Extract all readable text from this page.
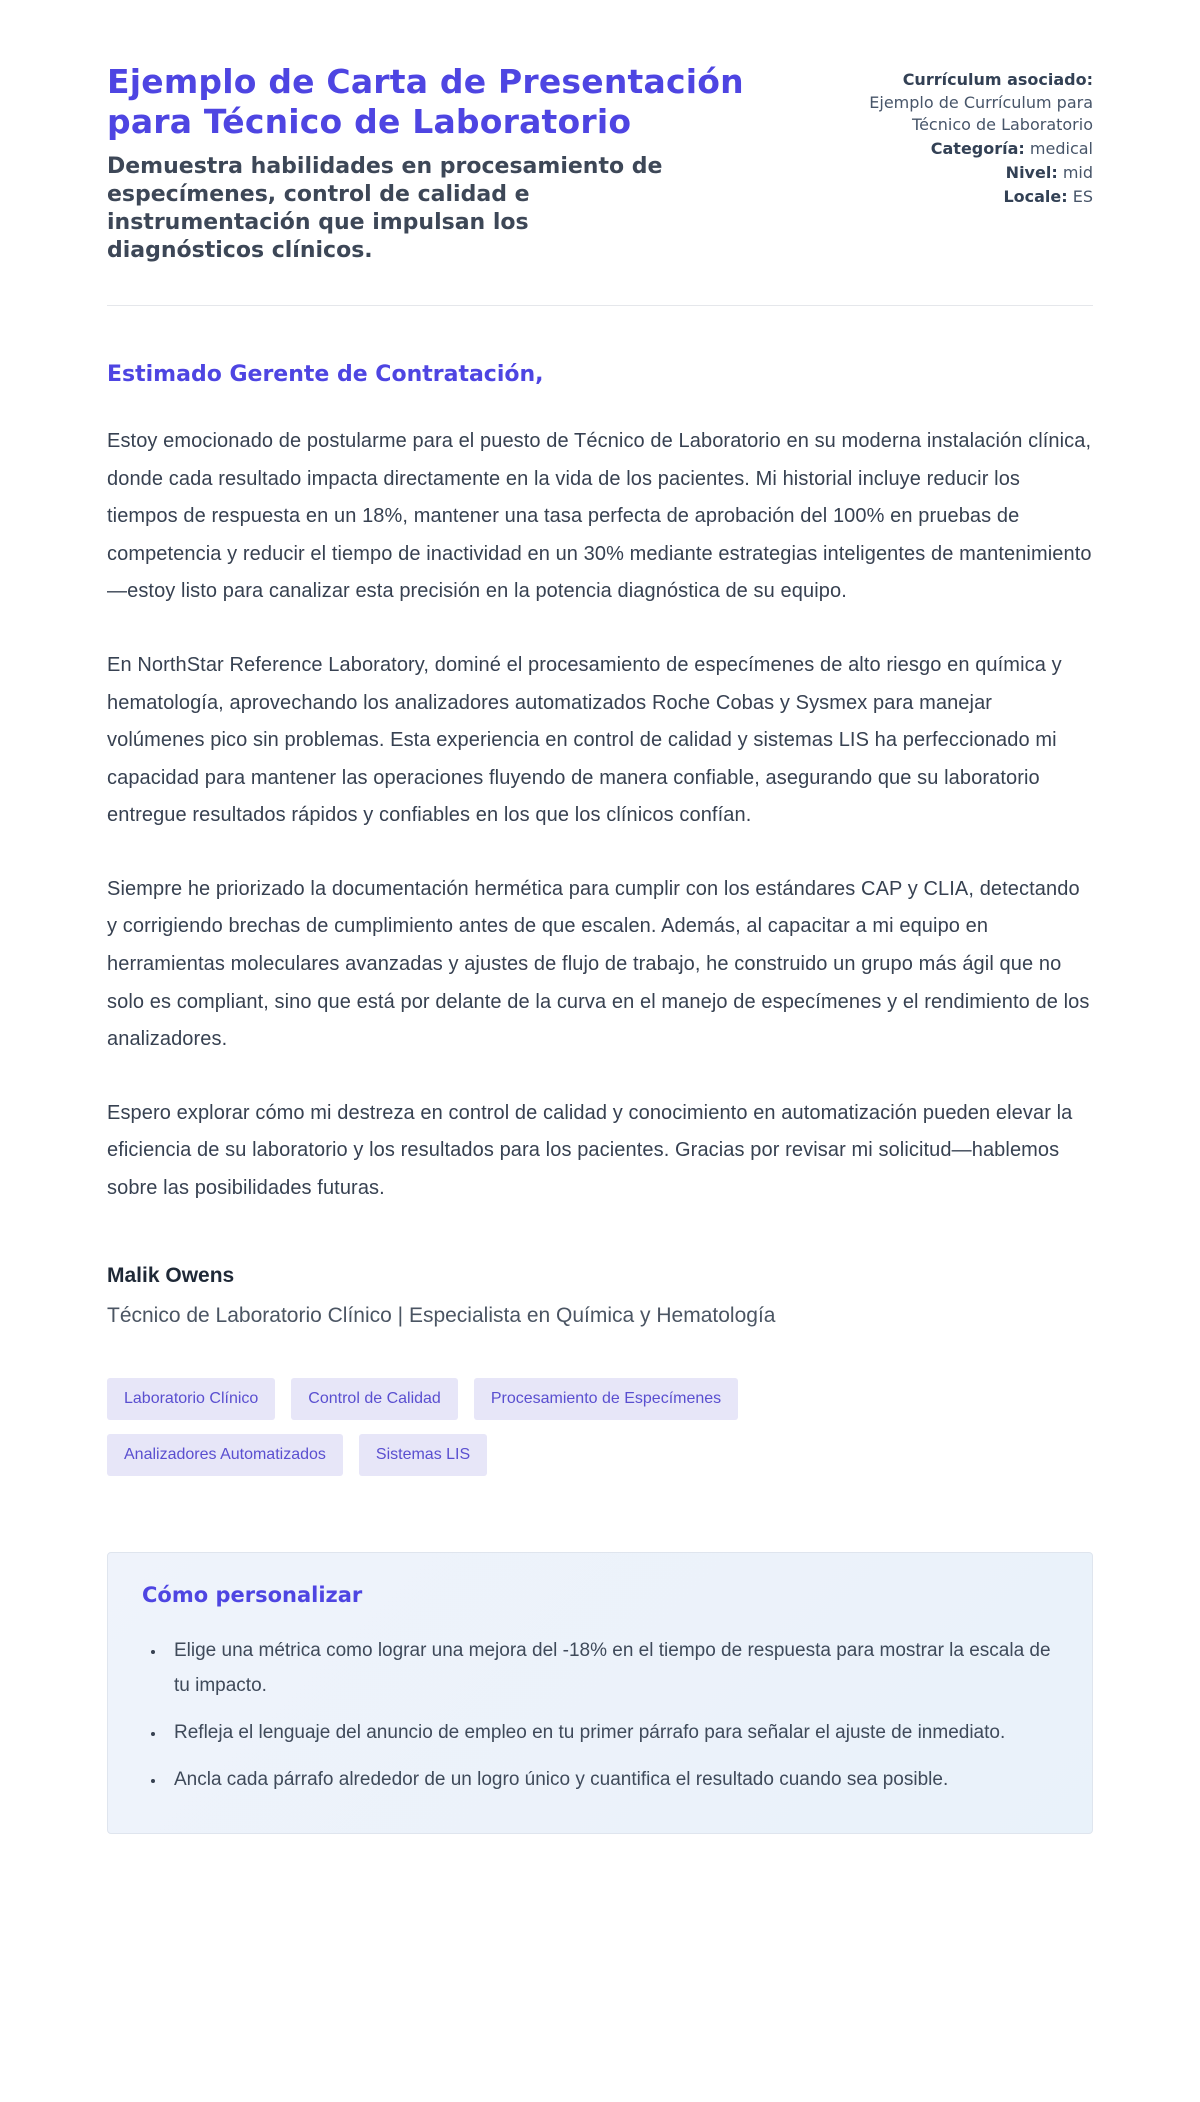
Ejemplo de Carta de Presentación para Técnico de Laboratorio
Demuestra habilidades en procesamiento de especímenes, control de calidad e instrumentación que impulsan los diagnósticos clínicos.
Currículum asociado:
Ejemplo de Currículum para Técnico de Laboratorio
Categoría: medical
Nivel: mid
Locale: ES
Estimado Gerente de Contratación,

Estoy emocionado de postularme para el puesto de Técnico de Laboratorio en su moderna instalación clínica, donde cada resultado impacta directamente en la vida de los pacientes. Mi historial incluye reducir los tiempos de respuesta en un 18%, mantener una tasa perfecta de aprobación del 100% en pruebas de competencia y reducir el tiempo de inactividad en un 30% mediante estrategias inteligentes de mantenimiento—estoy listo para canalizar esta precisión en la potencia diagnóstica de su equipo.

En NorthStar Reference Laboratory, dominé el procesamiento de especímenes de alto riesgo en química y hematología, aprovechando los analizadores automatizados Roche Cobas y Sysmex para manejar volúmenes pico sin problemas. Esta experiencia en control de calidad y sistemas LIS ha perfeccionado mi capacidad para mantener las operaciones fluyendo de manera confiable, asegurando que su laboratorio entregue resultados rápidos y confiables en los que los clínicos confían.

Siempre he priorizado la documentación hermética para cumplir con los estándares CAP y CLIA, detectando y corrigiendo brechas de cumplimiento antes de que escalen. Además, al capacitar a mi equipo en herramientas moleculares avanzadas y ajustes de flujo de trabajo, he construido un grupo más ágil que no solo es compliant, sino que está por delante de la curva en el manejo de especímenes y el rendimiento de los analizadores.

Espero explorar cómo mi destreza en control de calidad y conocimiento en automatización pueden elevar la eficiencia de su laboratorio y los resultados para los pacientes. Gracias por revisar mi solicitud—hablemos sobre las posibilidades futuras.

Malik Owens
Técnico de Laboratorio Clínico | Especialista en Química y Hematología
Laboratorio Clínico	Control de Calidad	Procesamiento de Especímenes
Analizadores Automatizados	Sistemas LIS
Cómo personalizar
• Elige una métrica como lograr una mejora del -18% en el tiempo de respuesta para mostrar la escala de tu impacto.
• Refleja el lenguaje del anuncio de empleo en tu primer párrafo para señalar el ajuste de inmediato.
• Ancla cada párrafo alrededor de un logro único y cuantifica el resultado cuando sea posible.
